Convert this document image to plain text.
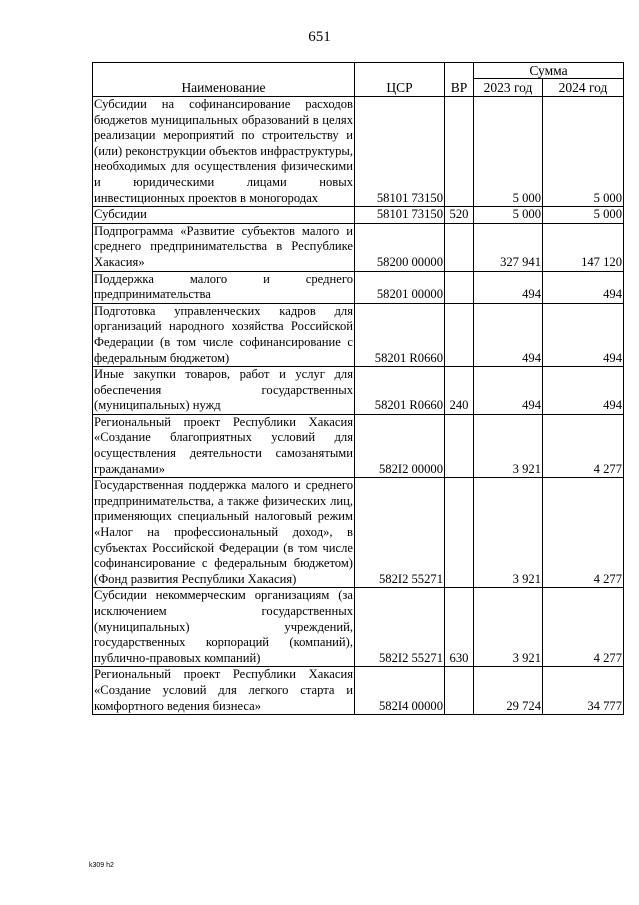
651
Наименование	ЦСР	ВР	Сумма	
			2023 год	2024 год
Субсидии на софинансирование расходов бюджетов муниципальных образований в целях реализации мероприятий по строительству и (или) реконструкции объектов инфраструктуры, необходимых для осуществления физическими и юридическими лицами новых инвестиционных проектов в моногородах	58101 73150		5 000	5 000
Субсидии	58101 73150	520	5 000	5 000
Подпрограмма «Развитие субъектов малого и среднего предпринимательства в Республике Хакасия»	58200 00000		327 941	147 120
Поддержка малого и среднего предпринимательства	58201 00000		494	494
Подготовка управленческих кадров для организаций народного хозяйства Российской Федерации (в том числе софинансирование с федеральным бюджетом)	58201 R0660		494	494
Иные закупки товаров, работ и услуг для обеспечения государственных (муниципальных) нужд	58201 R0660	240	494	494
Региональный проект Республики Хакасия «Создание благоприятных условий для осуществления деятельности самозанятыми гражданами»	582I2 00000		3 921	4 277
Государственная поддержка малого и среднего предпринимательства, а также физических лиц, применяющих специальный налоговый режим «Налог на профессиональный доход», в субъектах Российской Федерации (в том числе софинансирование с федеральным бюджетом) (Фонд развития Республики Хакасия)	582I2 55271		3 921	4 277
Субсидии некоммерческим организациям (за исключением государственных (муниципальных) учреждений, государственных корпораций (компаний), публично-правовых компаний)	582I2 55271	630	3 921	4 277
Региональный проект Республики Хакасия «Создание условий для легкого старта и комфортного ведения бизнеса»	582I4 00000		29 724	34 777
k309 h2
